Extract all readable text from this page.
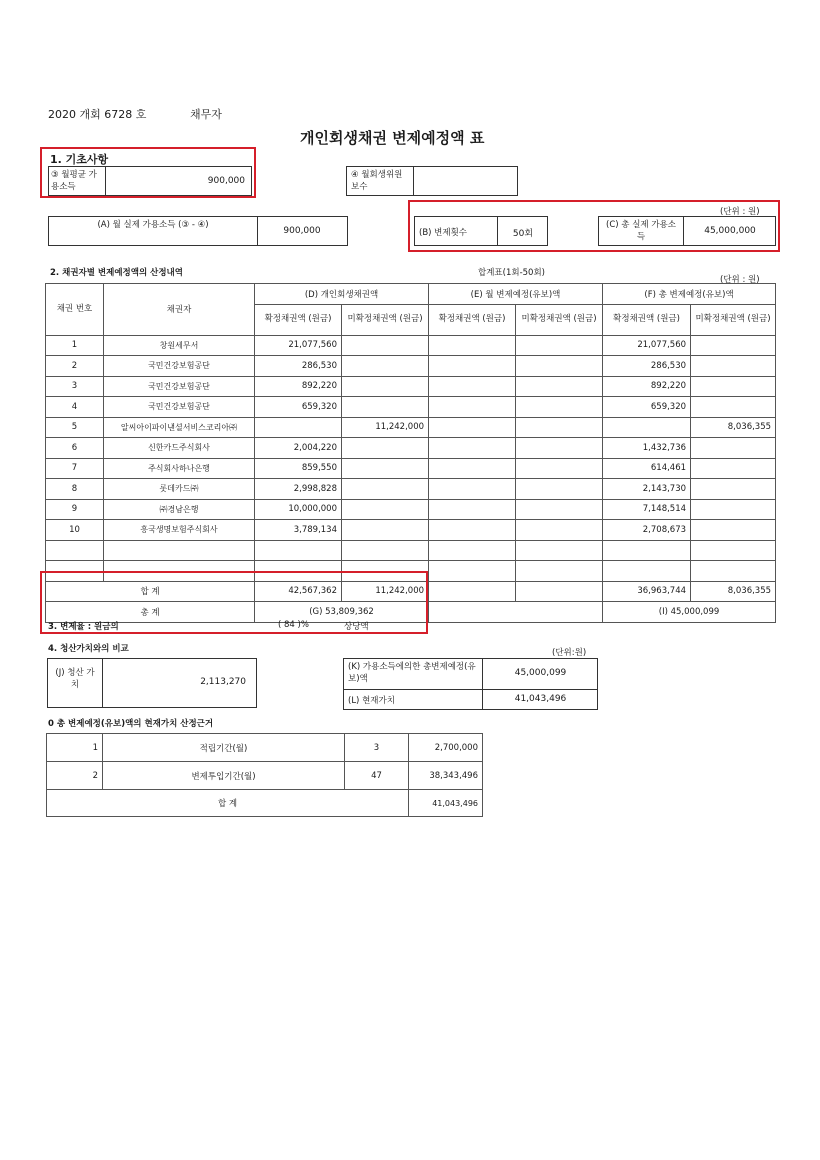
2020 개회 6728 호	채무자
개인회생채권 변제예정액 표
1. 기초사항
③ 월평균 가용소득
900,000
④ 월회생위원 보수
(단위 : 원)
(A) 월 실제 가용소득 (③ - ④)
900,000	(B) 변제횟수	50회
(C) 총 실제 가용소득
45,000,000
2. 채권자별 변제예정액의 산정내역	합계표(1회-50회)
(단위 : 원)
채권 번호	채권자	(D) 개인회생채권액		(E) 월 변제예정(유보)액		(F) 총 변제예정(유보)액	
		확정채권액 (원금)	미확정채권액 (원금)	확정채권액 (원금)	미확정채권액 (원금)	확정채권액 (원금)	미확정채권액 (원금)
1	창원세무서	21,077,560				21,077,560	
2	국민건강보험공단	286,530				286,530	
3	국민건강보험공단	892,220				892,220	
4	국민건강보험공단	659,320				659,320	
5	알씨아이파이낸셜서비스코리아㈜		11,242,000				8,036,355
6	신한카드주식회사	2,004,220				1,432,736	
7	주식회사하나은행	859,550				614,461	
8	롯데카드㈜	2,998,828				2,143,730	
9	㈜경남은행	10,000,000				7,148,514	
10	흥국생명보험주식회사	3,789,134				2,708,673	

합 계		42,567,362	11,242,000			36,963,744	8,036,355
총 계		(G) 53,809,362				(I) 45,000,099	
3. 변제율 : 원금의	( 84 )%	상당액
4. 청산가치와의 비교	(단위:원)
(J) 청산 가치	2,113,270
(K) 가용소득에의한 총변제예정(유보)액
45,000,099
(L) 현재가치	41,043,496
0 총 변제예정(유보)액의 현재가치 산정근거
1	적립기간(월)	3	2,700,000
2	변제투입기간(월)	47	38,343,496
합 계			41,043,496
